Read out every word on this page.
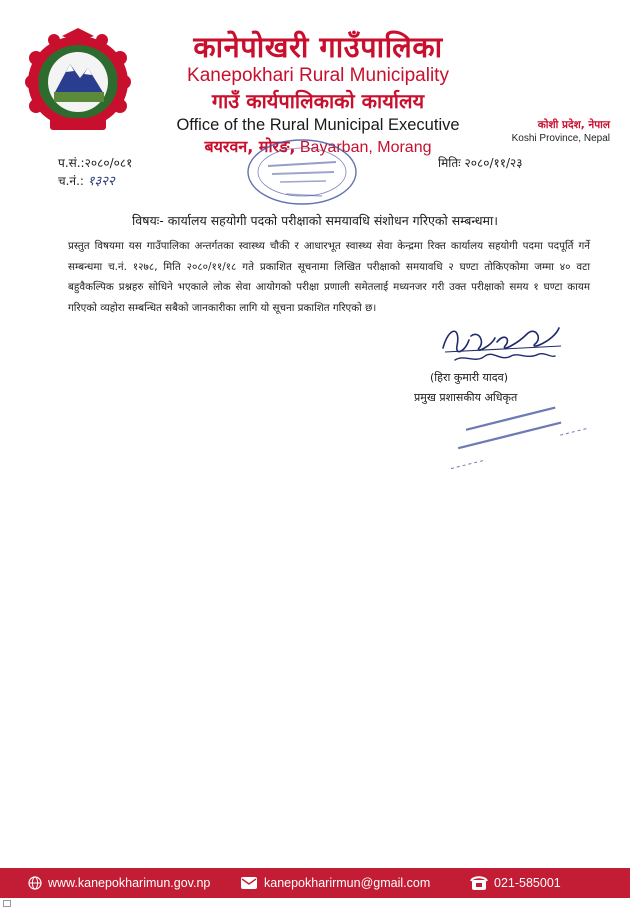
कानेपोखरी गाउँपालिका
Kanepokhari Rural Municipality
गाउँ कार्यपालिकाको कार्यालय
Office of the Rural Municipal Executive
बयरवन, मोरङ, Bayarban, Morang
कोशी प्रदेश, नेपाल
Koshi Province, Nepal
प.सं.:२०८०/०८१
च.नं.: १३२२
मितिः २०८०/११/२३
विषयः- कार्यालय सहयोगी पदको परीक्षाको समयावधि संशोधन गरिएको सम्बन्धमा।
प्रस्तुत विषयमा यस गाउँपालिका अन्तर्गतका स्वास्थ्य चौकी र आधारभूत स्वास्थ्य सेवा केन्द्रमा रिक्त कार्यालय सहयोगी पदमा पदपूर्ति गर्ने सम्बन्धमा च.नं. १२७८, मिति २०८०/११/१८ गते प्रकाशित सूचनामा लिखित परीक्षाको समयावधि २ घण्टा तोकिएकोमा जम्मा ४० वटा बहुवैकल्पिक प्रश्नहरु सोधिने भएकाले लोक सेवा आयोगको परीक्षा प्रणाली समेतलाई मध्यनजर गरी उक्त परीक्षाको समय १ घण्टा कायम गरिएको व्यहोरा सम्बन्धित सबैको जानकारीका लागि यो सूचना प्रकाशित गरिएको छ।
(हिरा कुमारी यादव)
प्रमुख प्रशासकीय अधिकृत
www.kanepokharimun.gov.np	kanepokharirmun@gmail.com	021-585001
